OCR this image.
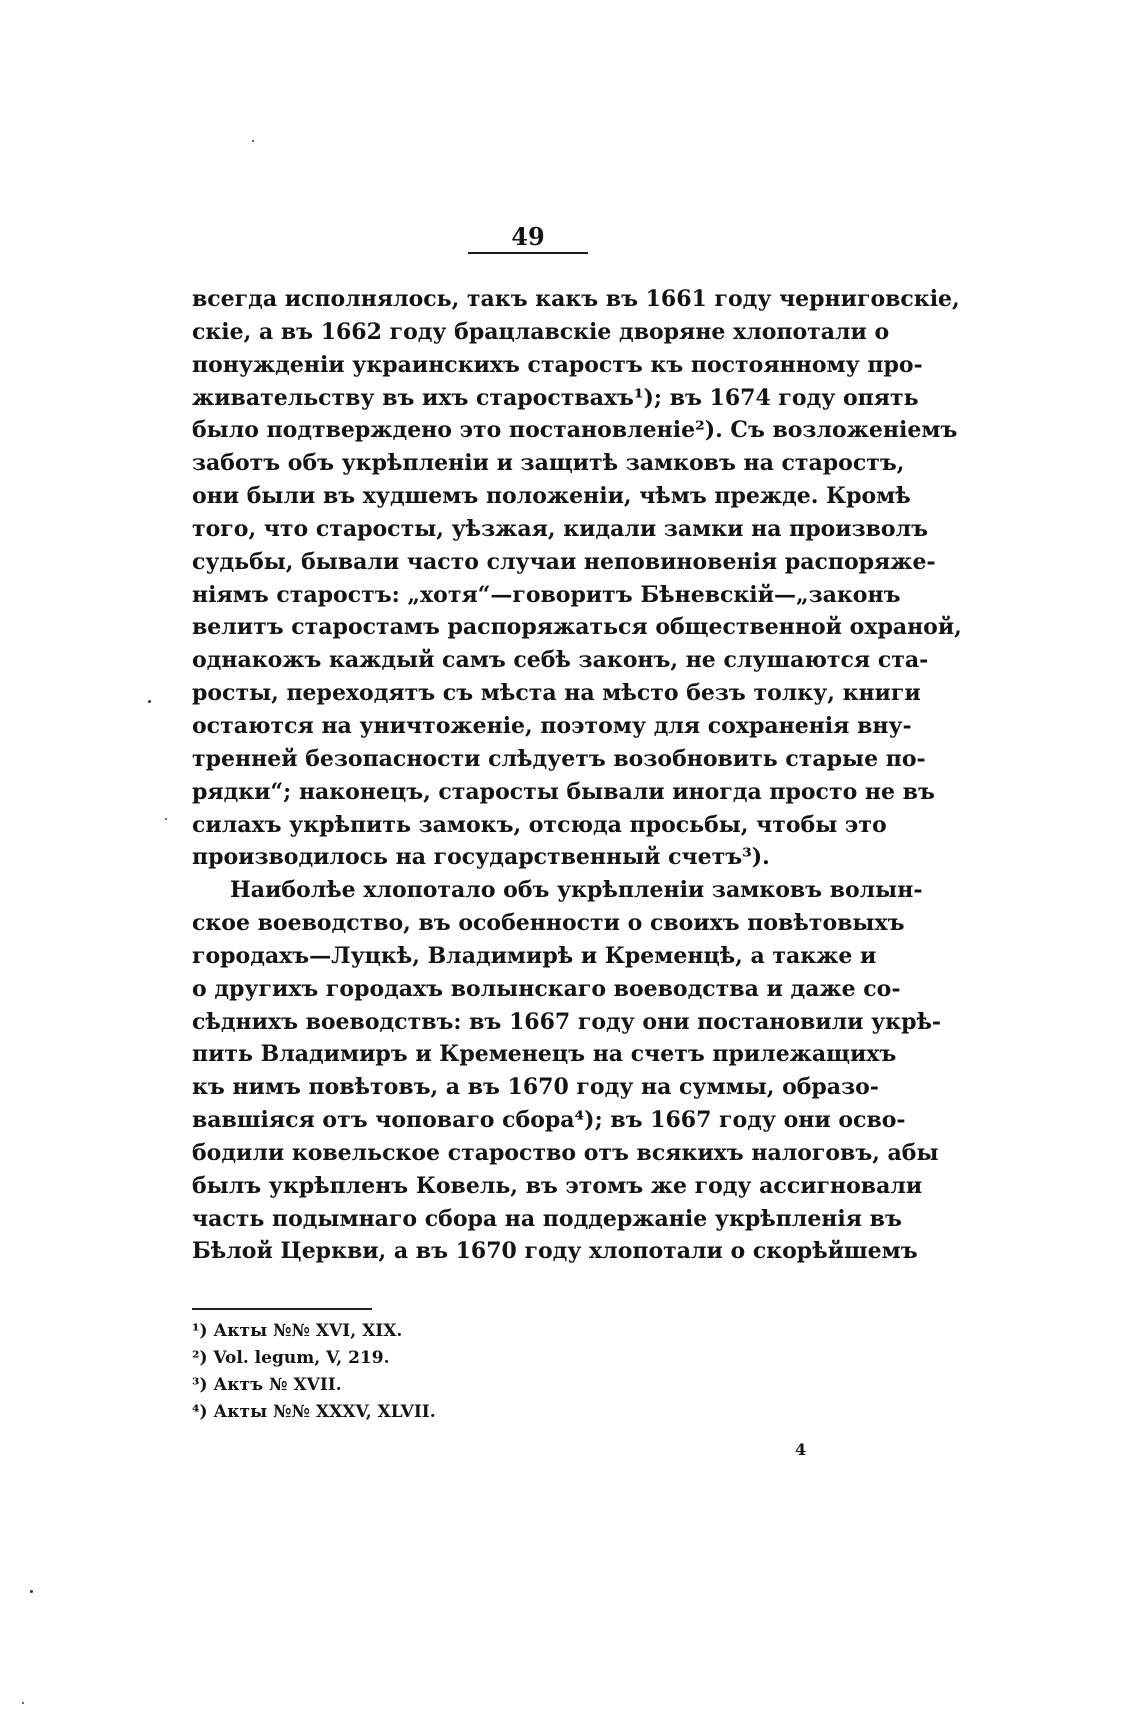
49
всегда исполнялось, такъ какъ въ 1661 году черниговскіе,
скіе, а въ 1662 году брацлавскіе дворяне хлопотали о
понужденіи украинскихъ старостъ къ постоянному про-
живательству въ ихъ староствахъ¹); въ 1674 году опять
было подтверждено это постановленіе²). Съ возложеніемъ
заботъ объ укрѣпленіи и защитѣ замковъ на старостъ,
они были въ худшемъ положеніи, чѣмъ прежде. Кромѣ
того, что старосты, уѣзжая, кидали замки на произволъ
судьбы, бывали часто случаи неповиновенія распоряже-
ніямъ старостъ: „хотя“—говоритъ Бѣневскій—„законъ
велитъ старостамъ распоряжаться общественной охраной,
однакожъ каждый самъ себѣ законъ, не слушаются ста-
росты, переходятъ съ мѣста на мѣсто безъ толку, книги
остаются на уничтоженіе, поэтому для сохраненія вну-
тренней безопасности слѣдуетъ возобновить старые по-
рядки“; наконецъ, старосты бывали иногда просто не въ
силахъ укрѣпить замокъ, отсюда просьбы, чтобы это
производилось на государственный счетъ³).
Наиболѣе хлопотало объ укрѣпленіи замковъ волын-
ское воеводство, въ особенности о своихъ повѣтовыхъ
городахъ—Луцкѣ, Владимирѣ и Кременцѣ, а также и
о другихъ городахъ волынскаго воеводства и даже со-
сѣднихъ воеводствъ: въ 1667 году они постановили укрѣ-
пить Владимиръ и Кременецъ на счетъ прилежащихъ
къ нимъ повѣтовъ, а въ 1670 году на суммы, образо-
вавшіяся отъ чоповаго сбора⁴); въ 1667 году они осво-
бодили ковельское староство отъ всякихъ налоговъ, абы
былъ укрѣпленъ Ковель, въ этомъ же году ассигновали
часть подымнаго сбора на поддержаніе укрѣпленія въ
Бѣлой Церкви, а въ 1670 году хлопотали о скорѣйшемъ
¹) Акты №№ XVI, XIX.
²) Vol. legum, V, 219.
³) Актъ № XVII.
⁴) Акты №№ XXXV, XLVII.
4
